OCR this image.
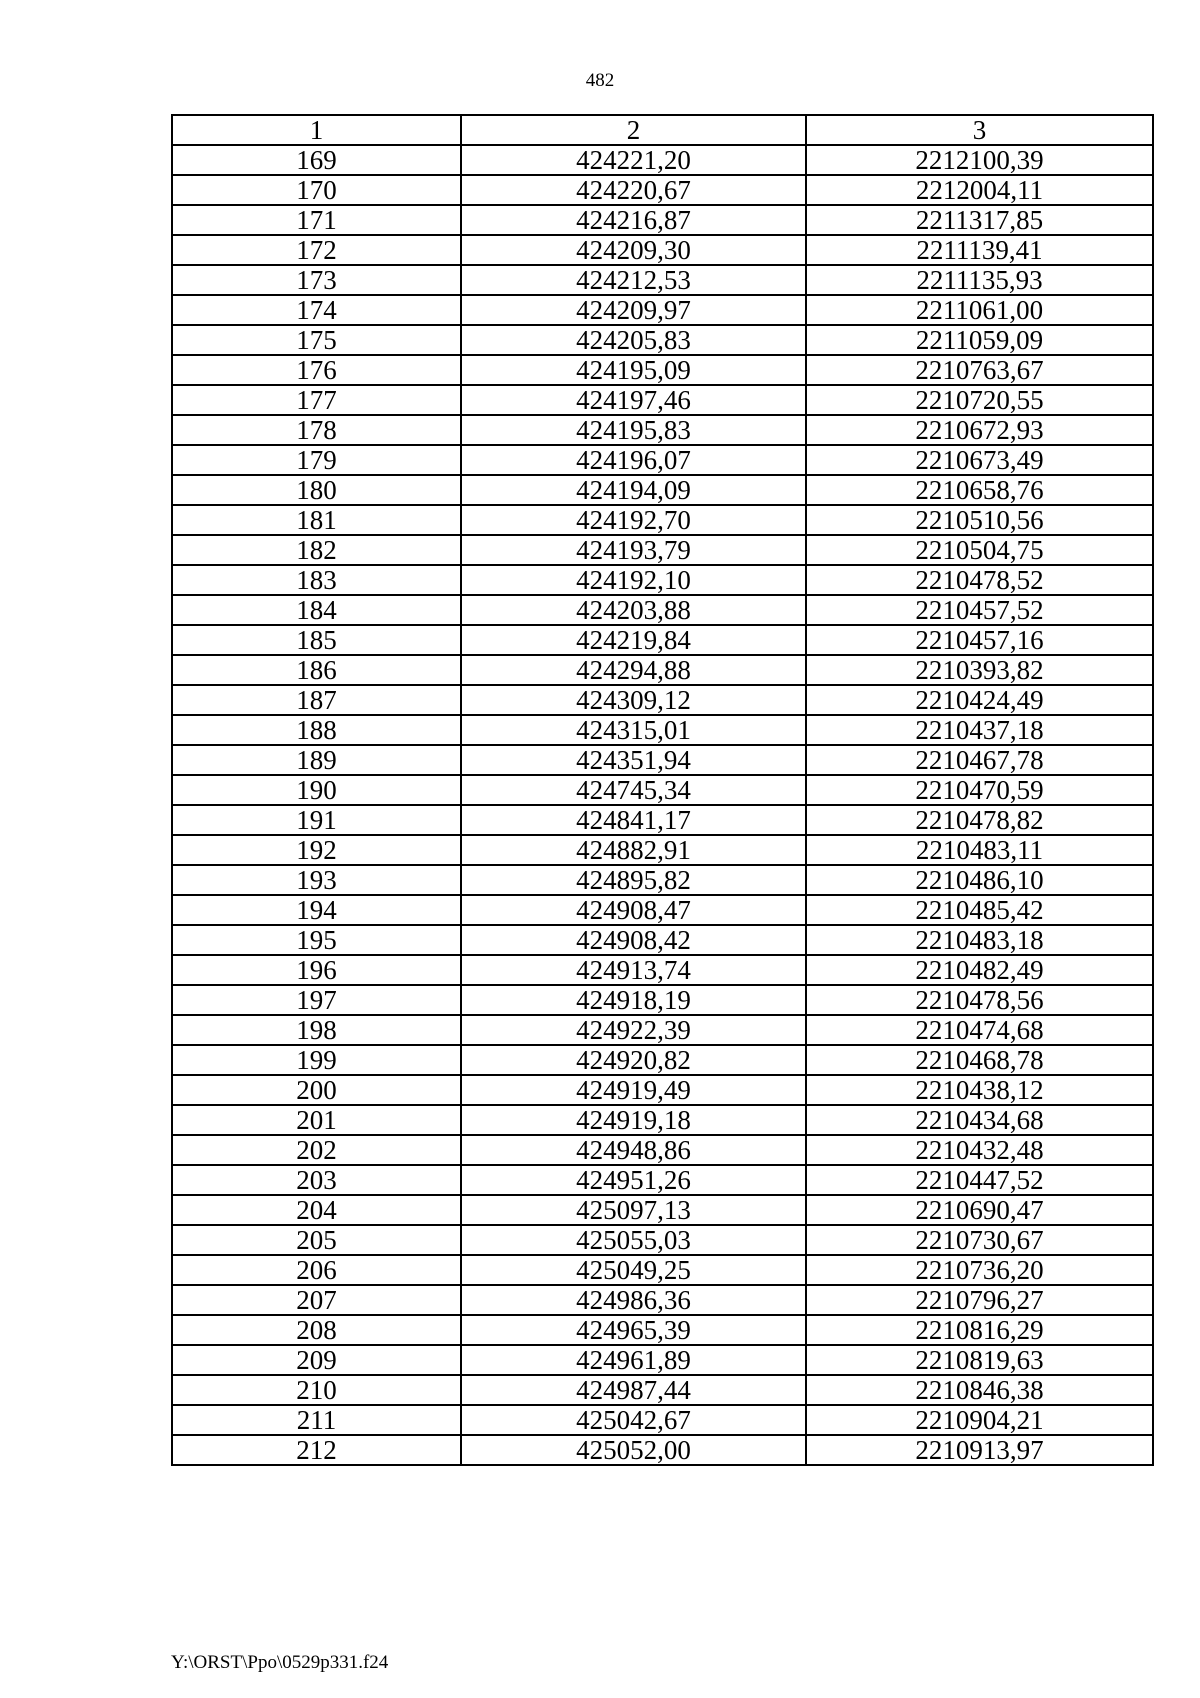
482
1	2	3
169	424221,20	2212100,39
170	424220,67	2212004,11
171	424216,87	2211317,85
172	424209,30	2211139,41
173	424212,53	2211135,93
174	424209,97	2211061,00
175	424205,83	2211059,09
176	424195,09	2210763,67
177	424197,46	2210720,55
178	424195,83	2210672,93
179	424196,07	2210673,49
180	424194,09	2210658,76
181	424192,70	2210510,56
182	424193,79	2210504,75
183	424192,10	2210478,52
184	424203,88	2210457,52
185	424219,84	2210457,16
186	424294,88	2210393,82
187	424309,12	2210424,49
188	424315,01	2210437,18
189	424351,94	2210467,78
190	424745,34	2210470,59
191	424841,17	2210478,82
192	424882,91	2210483,11
193	424895,82	2210486,10
194	424908,47	2210485,42
195	424908,42	2210483,18
196	424913,74	2210482,49
197	424918,19	2210478,56
198	424922,39	2210474,68
199	424920,82	2210468,78
200	424919,49	2210438,12
201	424919,18	2210434,68
202	424948,86	2210432,48
203	424951,26	2210447,52
204	425097,13	2210690,47
205	425055,03	2210730,67
206	425049,25	2210736,20
207	424986,36	2210796,27
208	424965,39	2210816,29
209	424961,89	2210819,63
210	424987,44	2210846,38
211	425042,67	2210904,21
212	425052,00	2210913,97
Y:\ORST\Ppo\0529p331.f24
